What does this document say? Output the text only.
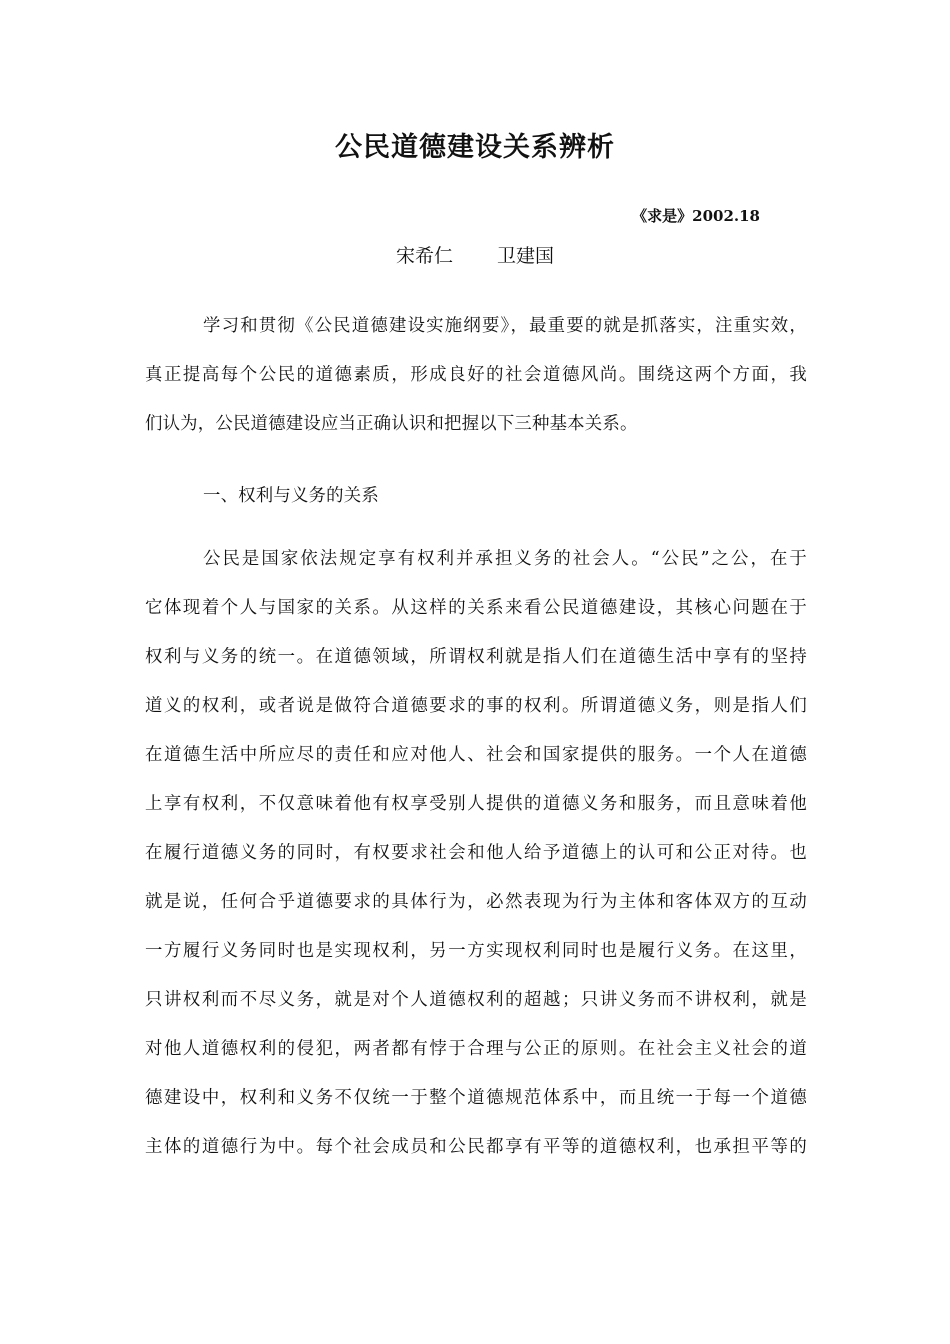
公民道德建设关系辨析
《求是》2002.18
宋希仁 卫建国
学习和贯彻《公民道德建设实施纲要》，最重要的就是抓落实，注重实效，
真正提高每个公民的道德素质，形成良好的社会道德风尚。围绕这两个方面，我
们认为，公民道德建设应当正确认识和把握以下三种基本关系。
一、权利与义务的关系
公民是国家依法规定享有权利并承担义务的社会人。“公民”之公，在于
它体现着个人与国家的关系。从这样的关系来看公民道德建设，其核心问题在于
权利与义务的统一。在道德领域，所谓权利就是指人们在道德生活中享有的坚持
道义的权利，或者说是做符合道德要求的事的权利。所谓道德义务，则是指人们
在道德生活中所应尽的责任和应对他人、社会和国家提供的服务。一个人在道德
上享有权利，不仅意味着他有权享受别人提供的道德义务和服务，而且意味着他
在履行道德义务的同时，有权要求社会和他人给予道德上的认可和公正对待。也
就是说，任何合乎道德要求的具体行为，必然表现为行为主体和客体双方的互动
一方履行义务同时也是实现权利，另一方实现权利同时也是履行义务。在这里，
只讲权利而不尽义务，就是对个人道德权利的超越；只讲义务而不讲权利，就是
对他人道德权利的侵犯，两者都有悖于合理与公正的原则。在社会主义社会的道
德建设中，权利和义务不仅统一于整个道德规范体系中，而且统一于每一个道德
主体的道德行为中。每个社会成员和公民都享有平等的道德权利，也承担平等的
